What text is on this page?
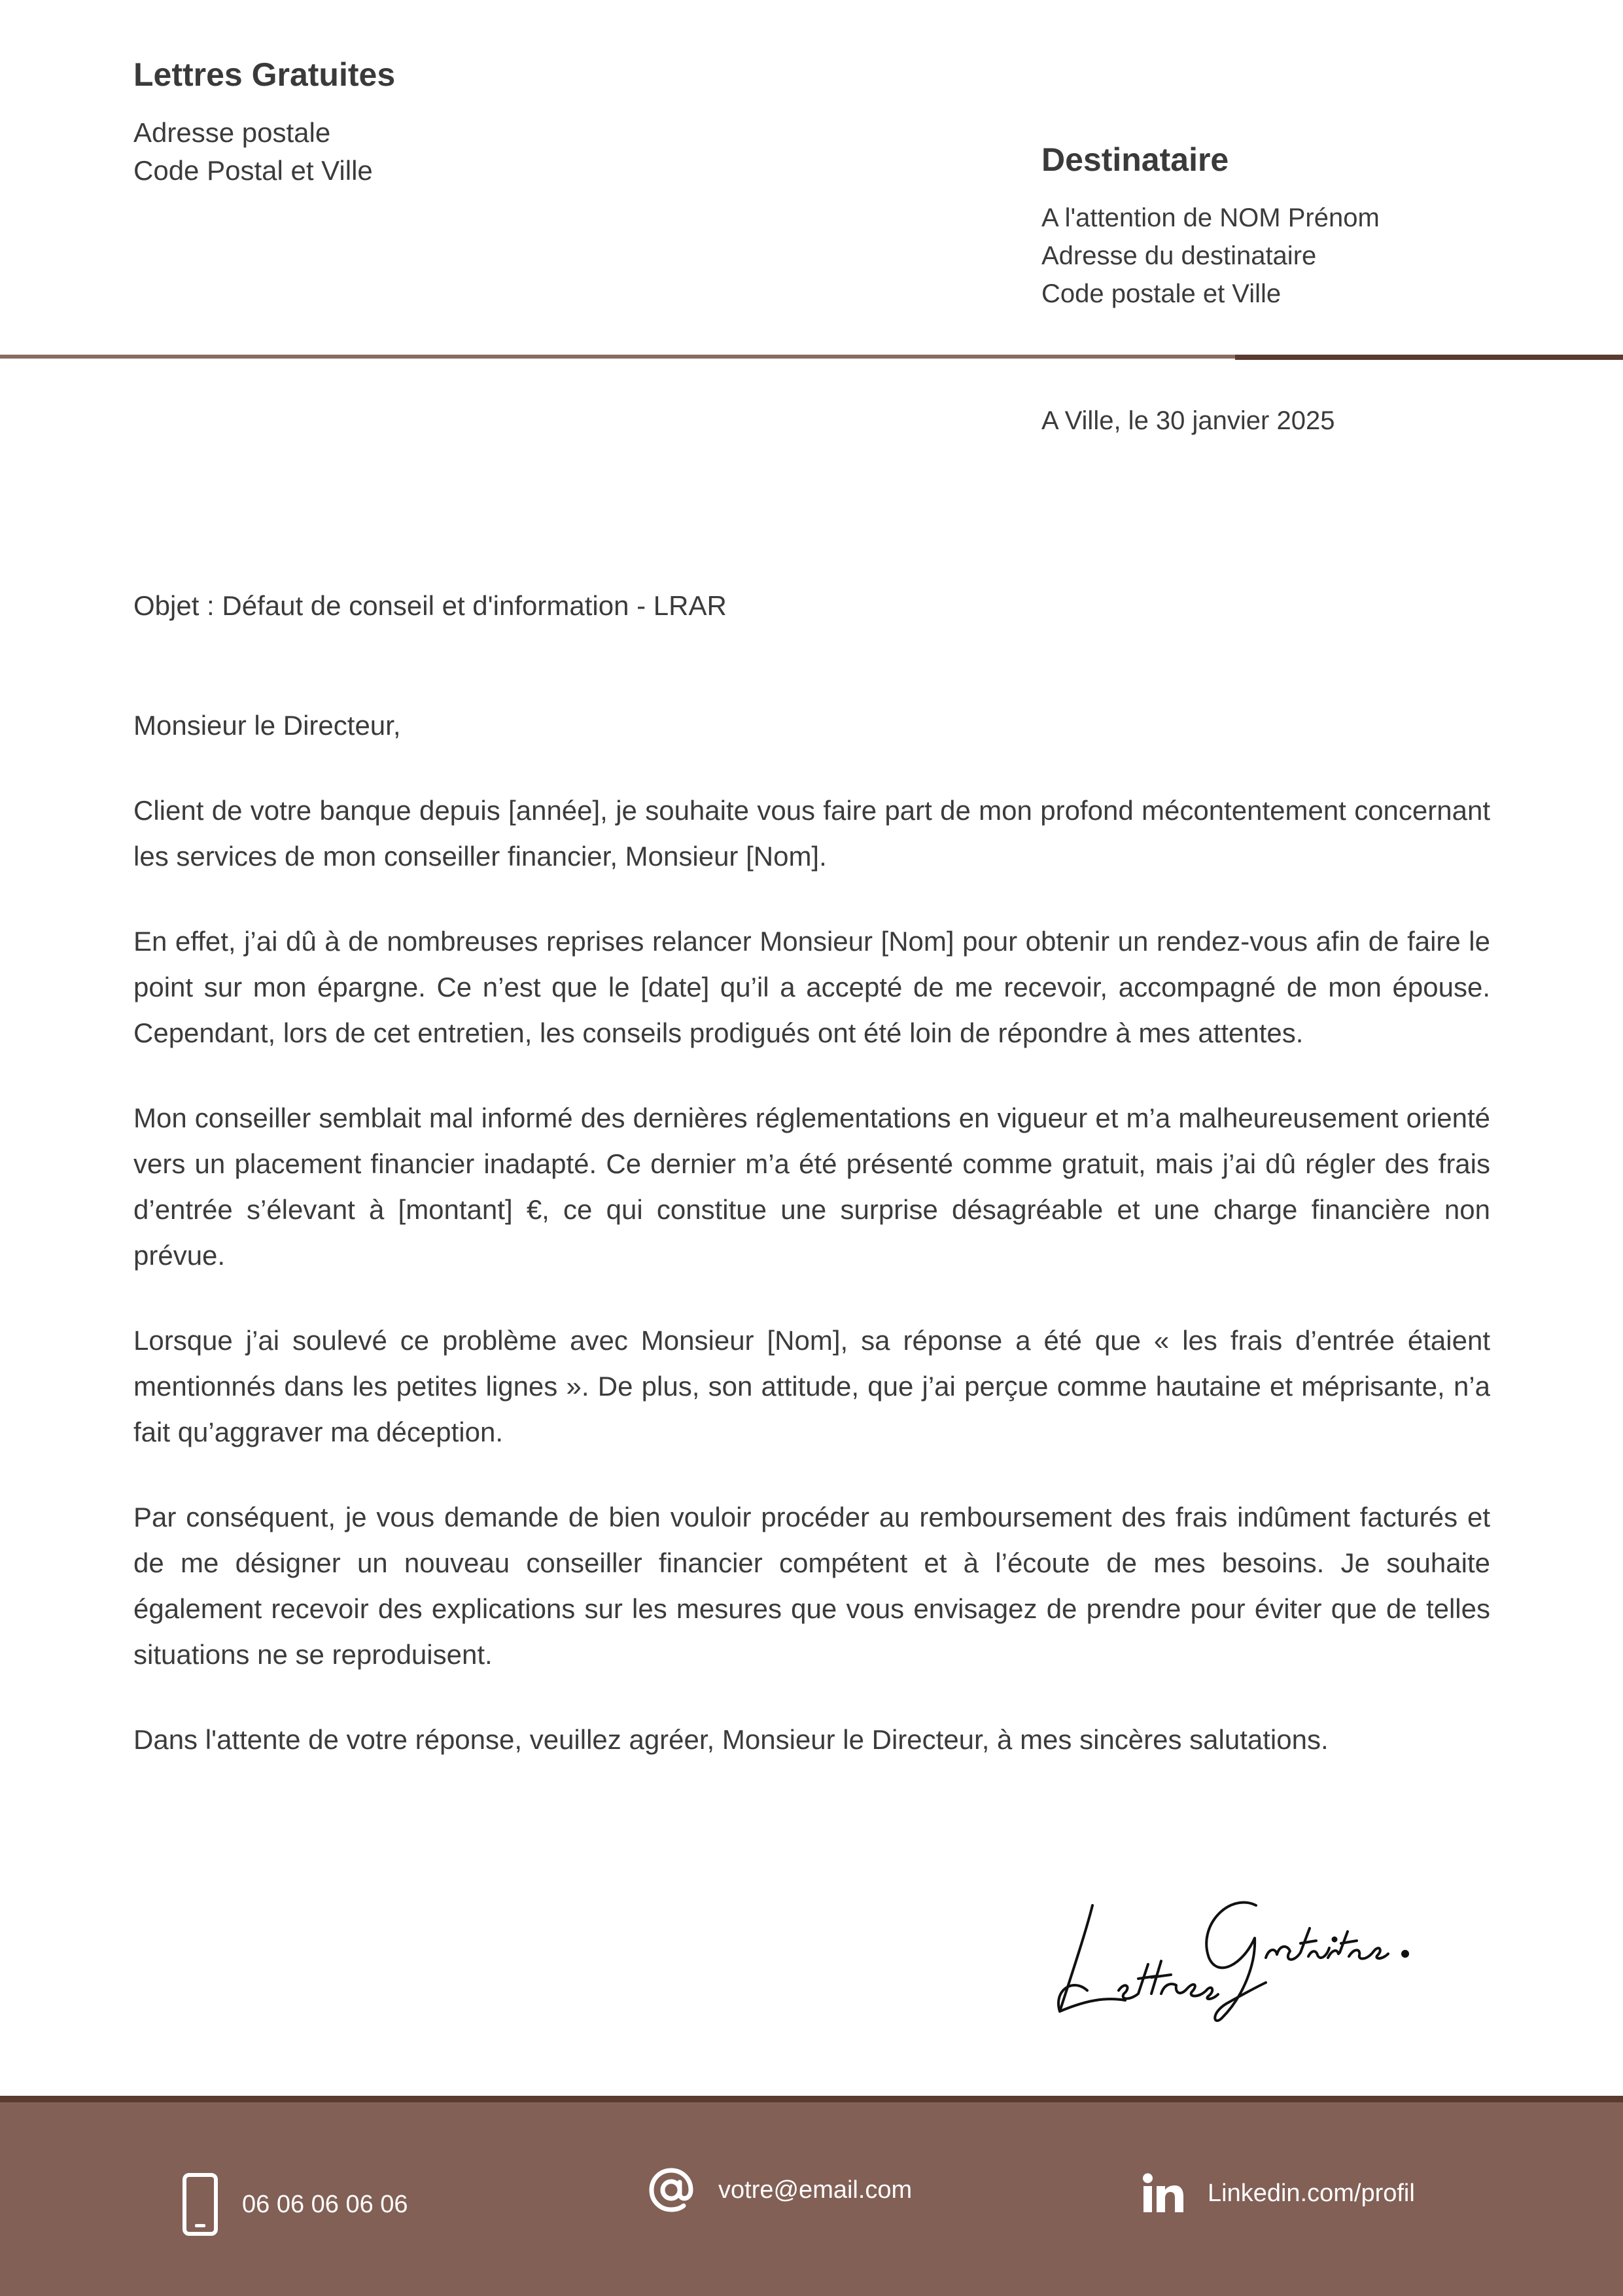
Lettres Gratuites
Adresse postale
Code Postal et Ville	Destinataire
A l'attention de NOM Prénom
Adresse du destinataire
Code postale et Ville
A Ville, le 30 janvier 2025
Objet : Défaut de conseil et d'information - LRAR

Monsieur le Directeur,

Client de votre banque depuis [année], je souhaite vous faire part de mon profond mécontentement concernant les services de mon conseiller financier, Monsieur [Nom].

En effet, j’ai dû à de nombreuses reprises relancer Monsieur [Nom] pour obtenir un rendez-vous afin de faire le point sur mon épargne. Ce n’est que le [date] qu’il a accepté de me recevoir, accompagné de mon épouse. Cependant, lors de cet entretien, les conseils prodigués ont été loin de répondre à mes attentes.

Mon conseiller semblait mal informé des dernières réglementations en vigueur et m’a malheureusement orienté vers un placement financier inadapté. Ce dernier m’a été présenté comme gratuit, mais j’ai dû régler des frais d’entrée s’élevant à [montant] €, ce qui constitue une surprise désagréable et une charge financière non prévue.

Lorsque j’ai soulevé ce problème avec Monsieur [Nom], sa réponse a été que « les frais d’entrée étaient mentionnés dans les petites lignes ». De plus, son attitude, que j’ai perçue comme hautaine et méprisante, n’a fait qu’aggraver ma déception.

Par conséquent, je vous demande de bien vouloir procéder au remboursement des frais indûment facturés et de me désigner un nouveau conseiller financier compétent et à l’écoute de mes besoins. Je souhaite également recevoir des explications sur les mesures que vous envisagez de prendre pour éviter que de telles situations ne se reproduisent.

Dans l'attente de votre réponse, veuillez agréer, Monsieur le Directeur, à mes sincères salutations.

06 06 06 06 06
votre@email.com	Linkedin.com/profil
